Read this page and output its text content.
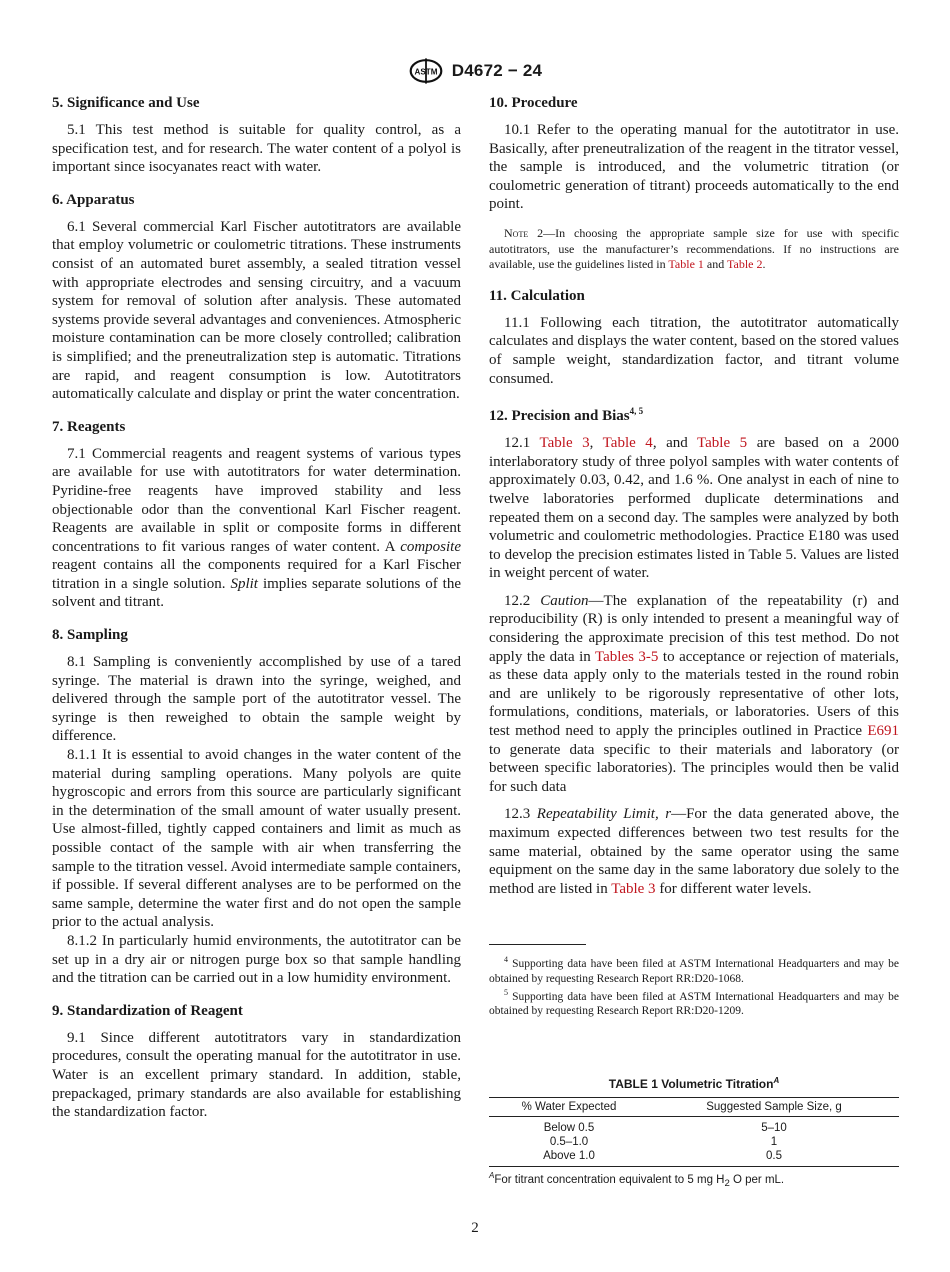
ASTM D4672 − 24
5. Significance and Use

5.1 This test method is suitable for quality control, as a specification test, and for research. The water content of a polyol is important since isocyanates react with water.

6. Apparatus

6.1 Several commercial Karl Fischer autotitrators are available that employ volumetric or coulometric titrations. These instruments consist of an automated buret assembly, a sealed titration vessel with appropriate electrodes and sensing circuitry, and a vacuum system for removal of solution after analysis. These automated systems provide several advantages and conveniences. Atmospheric moisture contamination can be more closely controlled; calibration is simplified; and the preneutralization step is automatic. Titrations are rapid, and reagent consumption is low. Autotitrators automatically calculate and display or print the water concentration.

7. Reagents

7.1 Commercial reagents and reagent systems of various types are available for use with autotitrators for water determination. Pyridine-free reagents have improved stability and less objectionable odor than the conventional Karl Fischer reagent. Reagents are available in split or composite forms in different concentrations to fit various ranges of water content. A composite reagent contains all the components required for a Karl Fischer titration in a single solution. Split implies separate solutions of the solvent and titrant.

8. Sampling

8.1 Sampling is conveniently accomplished by use of a tared syringe. The material is drawn into the syringe, weighed, and delivered through the sample port of the autotitrator vessel. The syringe is then reweighed to obtain the sample weight by difference.

8.1.1 It is essential to avoid changes in the water content of the material during sampling operations. Many polyols are quite hygroscopic and errors from this source are particularly significant in the determination of the small amount of water usually present. Use almost-filled, tightly capped containers and limit as much as possible contact of the sample with air when transferring the sample to the titration vessel. Avoid intermediate sample containers, if possible. If several different analyses are to be performed on the same sample, determine the water first and do not open the sample prior to the actual analysis.

8.1.2 In particularly humid environments, the autotitrator can be set up in a dry air or nitrogen purge box so that sample handling and the titration can be carried out in a low humidity environment.

9. Standardization of Reagent

9.1 Since different autotitrators vary in standardization procedures, consult the operating manual for the autotitrator in use. Water is an excellent primary standard. In addition, stable, prepackaged, primary standards are also available for establishing the standardization factor.

10. Procedure

10.1 Refer to the operating manual for the autotitrator in use. Basically, after preneutralization of the reagent in the titrator vessel, the sample is introduced, and the volumetric titration (or coulometric generation of titrant) proceeds automatically to the end point.

Note 2—In choosing the appropriate sample size for use with specific autotitrators, use the manufacturer’s recommendations. If no instructions are available, use the guidelines listed in Table 1 and Table 2.

11. Calculation

11.1 Following each titration, the autotitrator automatically calculates and displays the water content, based on the stored values of sample weight, standardization factor, and titrant volume consumed.

12. Precision and Bias$^{4, 5}$

12.1 Table 3, Table 4, and Table 5 are based on a 2000 interlaboratory study of three polyol samples with water contents of approximately 0.03, 0.42, and 1.6 %. One analyst in each of nine to twelve laboratories performed duplicate determinations and repeated them on a second day. The samples were analyzed by both volumetric and coulometric methodologies. Practice E180 was used to develop the precision estimates listed in Table 5. Values are listed in weight percent of water.

12.2 Caution—The explanation of the repeatability (r) and reproducibility (R) is only intended to present a meaningful way of considering the approximate precision of this test method. Do not apply the data in Tables 3-5 to acceptance or rejection of materials, as these data apply only to the materials tested in the round robin and are unlikely to be rigorously representative of other lots, formulations, conditions, materials, or laboratories. Users of this test method need to apply the principles outlined in Practice E691 to generate data specific to their materials and laboratory (or between specific laboratories). The principles would then be valid for such data

12.3 Repeatability Limit, r—For the data generated above, the maximum expected differences between two test results for the same material, obtained by the same operator using the same equipment on the same day in the same laboratory due solely to the method are listed in Table 3 for different water levels.

$^4$ Supporting data have been filed at ASTM International Headquarters and may be obtained by requesting Research Report RR:D20-1068.

$^5$ Supporting data have been filed at ASTM International Headquarters and may be obtained by requesting Research Report RR:D20-1209.

TABLE 1 Volumetric Titration$^A$
% Water Expected	Suggested Sample Size, g
Below 0.5	5–10
0.5–1.0	1
Above 1.0	0.5
$^A$For titrant concentration equivalent to 5 mg $H_2$ O per mL.
2
